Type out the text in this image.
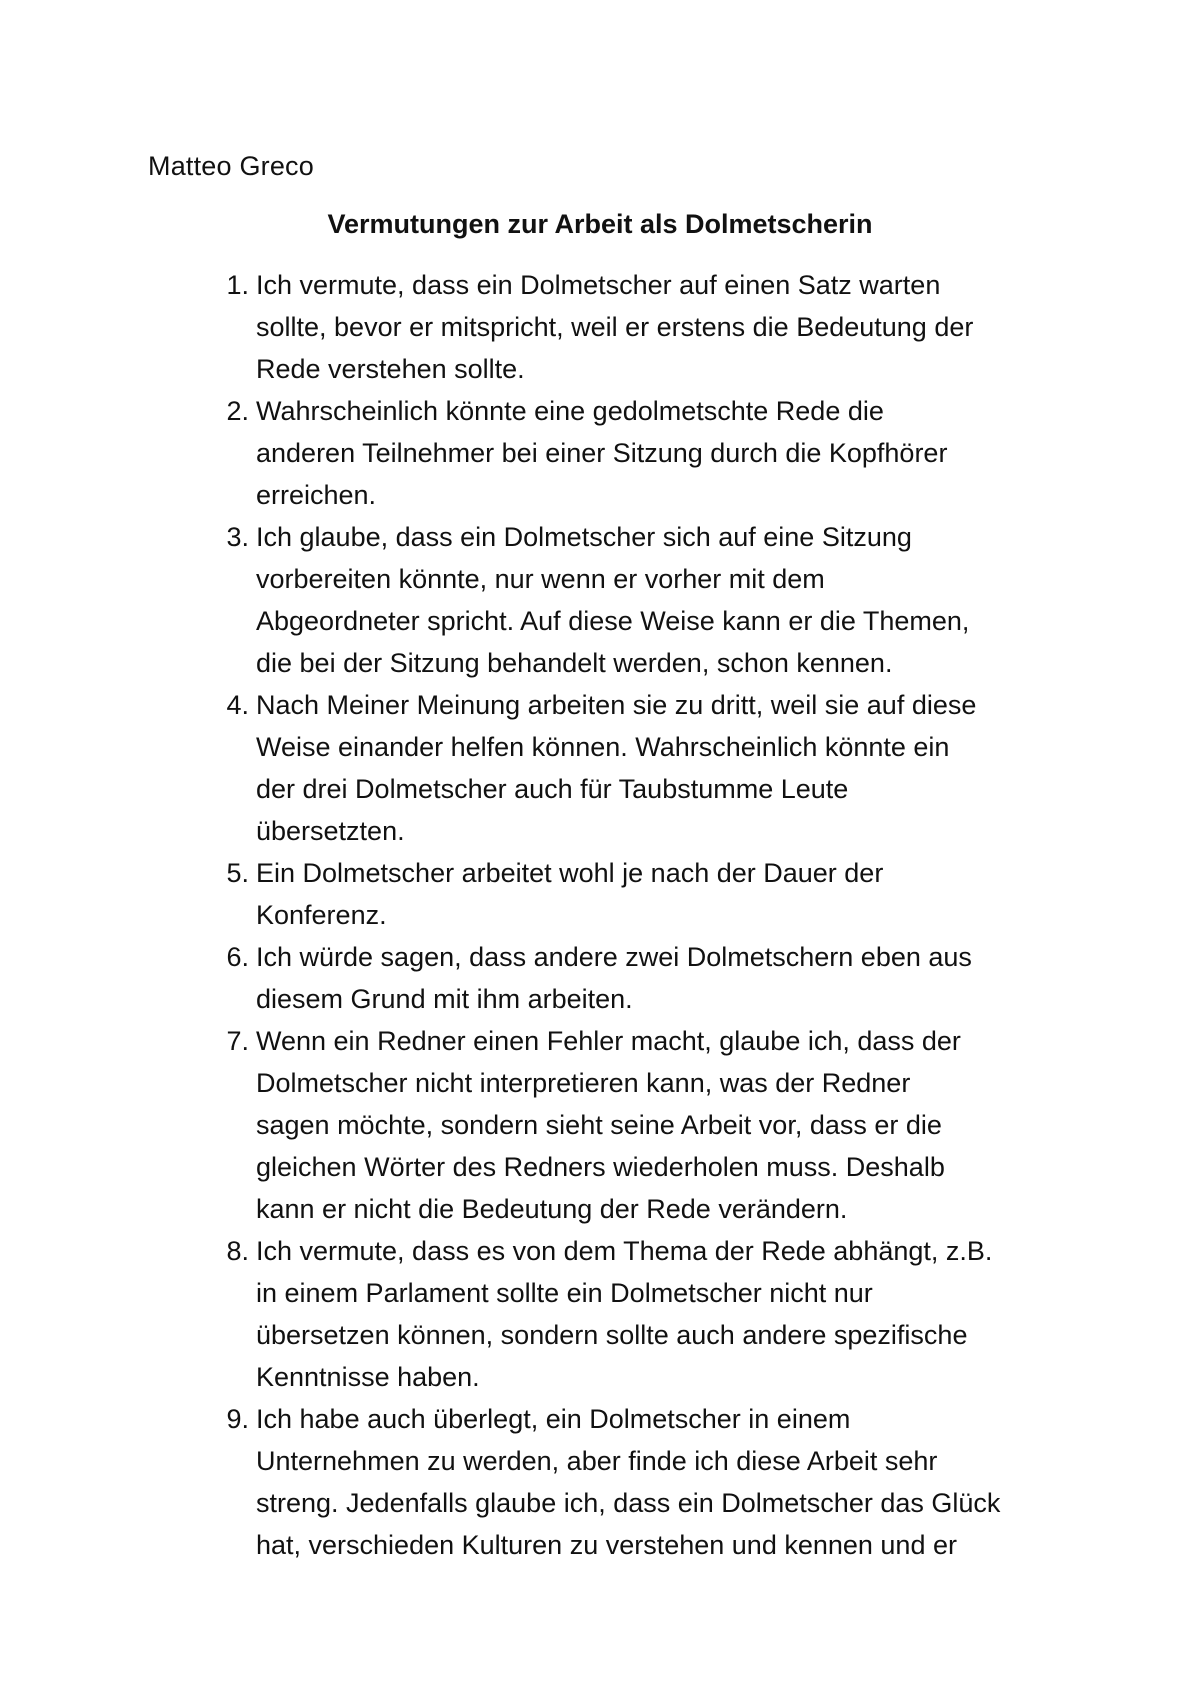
Matteo Greco
Vermutungen zur Arbeit als Dolmetscherin
1. Ich vermute, dass ein Dolmetscher auf einen Satz warten
sollte, bevor er mitspricht, weil er erstens die Bedeutung der
Rede verstehen sollte.
2. Wahrscheinlich könnte eine gedolmetschte Rede die
anderen Teilnehmer bei einer Sitzung durch die Kopfhörer
erreichen.
3. Ich glaube, dass ein Dolmetscher sich auf eine Sitzung
vorbereiten könnte, nur wenn er vorher mit dem
Abgeordneter spricht. Auf diese Weise kann er die Themen,
die bei der Sitzung behandelt werden, schon kennen.
4. Nach Meiner Meinung arbeiten sie zu dritt, weil sie auf diese
Weise einander helfen können. Wahrscheinlich könnte ein
der drei Dolmetscher auch für Taubstumme Leute
übersetzten.
5. Ein Dolmetscher arbeitet wohl je nach der Dauer der
Konferenz.
6. Ich würde sagen, dass andere zwei Dolmetschern eben aus
diesem Grund mit ihm arbeiten.
7. Wenn ein Redner einen Fehler macht, glaube ich, dass der
Dolmetscher nicht interpretieren kann, was der Redner
sagen möchte, sondern sieht seine Arbeit vor, dass er die
gleichen Wörter des Redners wiederholen muss. Deshalb
kann er nicht die Bedeutung der Rede verändern.
8. Ich vermute, dass es von dem Thema der Rede abhängt, z.B.
in einem Parlament sollte ein Dolmetscher nicht nur
übersetzen können, sondern sollte auch andere spezifische
Kenntnisse haben.
9. Ich habe auch überlegt, ein Dolmetscher in einem
Unternehmen zu werden, aber finde ich diese Arbeit sehr
streng. Jedenfalls glaube ich, dass ein Dolmetscher das Glück
hat, verschieden Kulturen zu verstehen und kennen und er
